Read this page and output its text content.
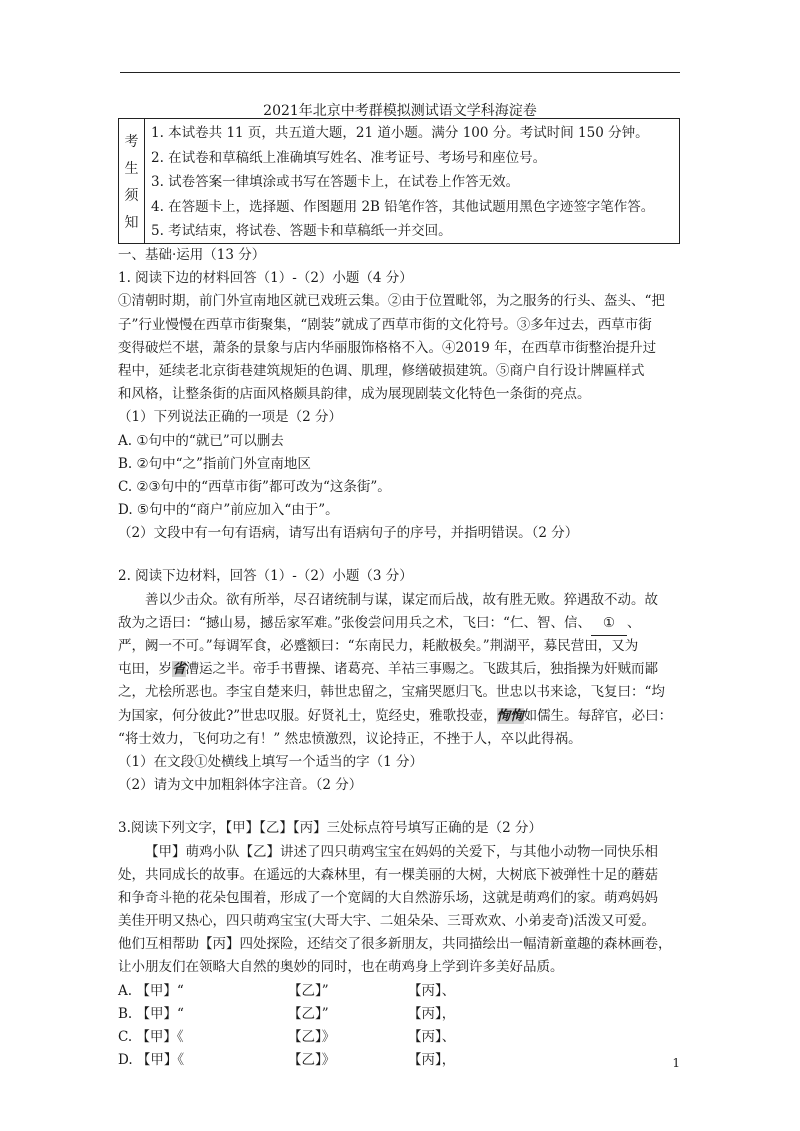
2021年北京中考群模拟测试语文学科海淀卷
考
生
须
知
1. 本试卷共 11 页，共五道大题，21 道小题。满分 100 分。考试时间 150 分钟。
2. 在试卷和草稿纸上准确填写姓名、准考证号、考场号和座位号。
3. 试卷答案一律填涂或书写在答题卡上，在试卷上作答无效。
4. 在答题卡上，选择题、作图题用 2B 铅笔作答，其他试题用黑色字迹签字笔作答。
5. 考试结束，将试卷、答题卡和草稿纸一并交回。
一、基础·运用（13 分）
1. 阅读下边的材料回答（1）-（2）小题（4 分）
①清朝时期，前门外宣南地区就已戏班云集。②由于位置毗邻，为之服务的行头、盔头、“把
子”行业慢慢在西草市街聚集，“剧装”就成了西草市街的文化符号。③多年过去，西草市街
变得破烂不堪，萧条的景象与店内华丽服饰格格不入。④2019 年，在西草市街整治提升过
程中，延续老北京街巷建筑规矩的色调、肌理，修缮破损建筑。⑤商户自行设计牌匾样式
和风格，让整条街的店面风格颇具韵律，成为展现剧装文化特色一条街的亮点。
（1）下列说法正确的一项是（2 分）
A. ①句中的“就已”可以删去
B. ②句中“之”指前门外宣南地区
C. ②③句中的“西草市街”都可改为“这条街”。
D. ⑤句中的“商户”前应加入“由于”。
（2）文段中有一句有语病，请写出有语病句子的序号，并指明错误。（2 分）
2. 阅读下边材料，回答（1）-（2）小题（3 分）
善以少击众。欲有所举，尽召诸统制与谋，谋定而后战，故有胜无败。猝遇敌不动。故
敌为之语曰：“撼山易，撼岳家军难。”张俊尝问用兵之术，飞曰：“仁、智、信、 ① 、
严，阙一不可。”每调军食，必蹙额曰：“东南民力，耗敝极矣。”荆湖平，募民营田，又为
屯田，岁省漕运之半。帝手书曹操、诸葛亮、羊祜三事赐之。飞跋其后，独指操为奸贼而鄙
之，尤桧所恶也。李宝自楚来归，韩世忠留之，宝痛哭愿归飞。世忠以书来谂，飞复曰：“均
为国家，何分彼此?”世忠叹服。好贤礼士，览经史，雅歌投壶，恂恂如儒生。每辞官，必曰：
“将士效力，飞何功之有！” 然忠愤激烈，议论持正，不挫于人，卒以此得祸。
（1）在文段①处横线上填写一个适当的字（1 分）
（2）请为文中加粗斜体字注音。（2 分）
3.阅读下列文字，【甲】【乙】【丙】三处标点符号填写正确的是（2 分）
【甲】萌鸡小队【乙】讲述了四只萌鸡宝宝在妈妈的关爱下，与其他小动物一同快乐相
处，共同成长的故事。在遥远的大森林里，有一棵美丽的大树，大树底下被弹性十足的蘑菇
和争奇斗艳的花朵包围着，形成了一个宽阔的大自然游乐场，这就是萌鸡们的家。萌鸡妈妈
美佳开明又热心，四只萌鸡宝宝(大哥大宇、二姐朵朵、三哥欢欢、小弟麦奇)活泼又可爱。
他们互相帮助【丙】四处探险，还结交了很多新朋友，共同描绘出一幅清新童趣的森林画卷，
让小朋友们在领略大自然的奥妙的同时，也在萌鸡身上学到许多美好品质。
A. 【甲】“	【乙】”	【丙】、
B. 【甲】“	【乙】”	【丙】，
C. 【甲】《	【乙】》	【丙】、
D. 【甲】《	【乙】》	【丙】，	1
